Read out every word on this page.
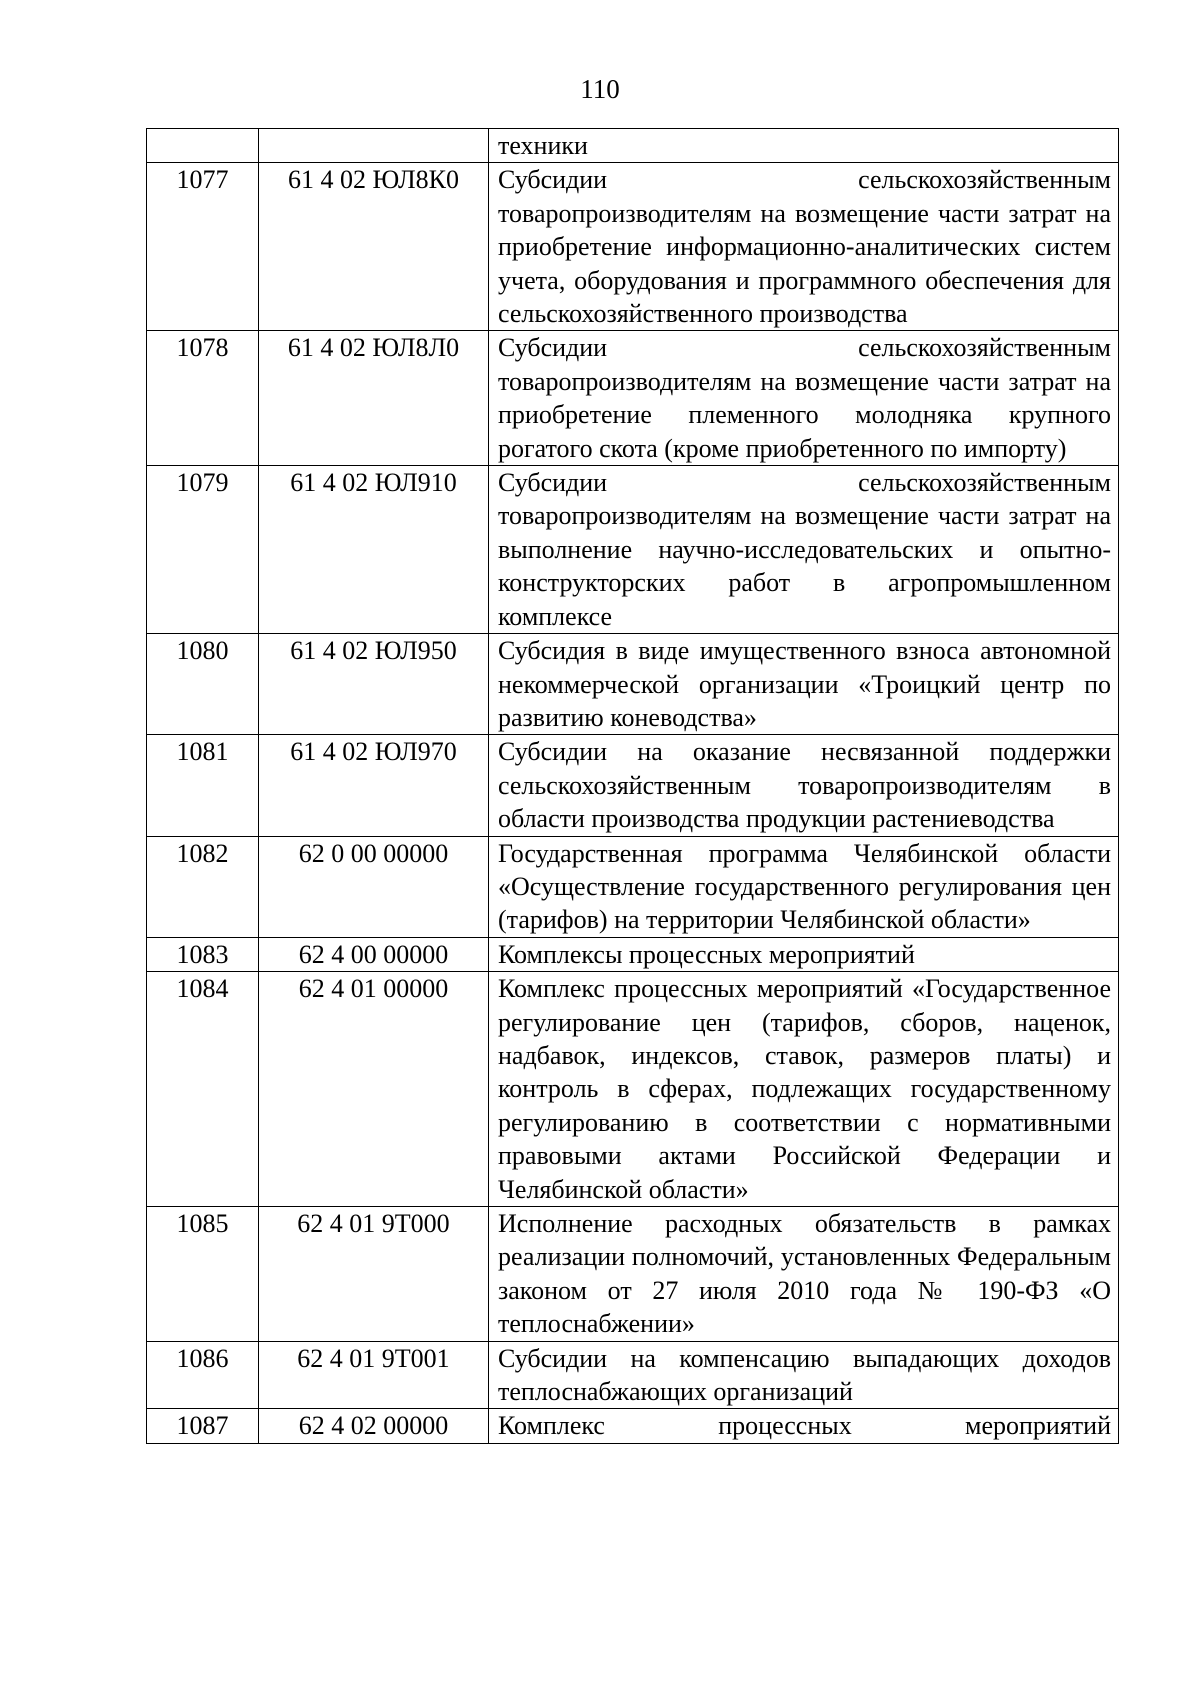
110
		техники
1077	61 4 02 ЮЛ8К0	Субсидии сельскохозяйственным товаропроизводителям на возмещение части затрат на приобретение информационно-аналитических систем учета, оборудования и программного обеспечения для сельскохозяйственного производства
1078	61 4 02 ЮЛ8Л0	Субсидии сельскохозяйственным товаропроизводителям на возмещение части затрат на приобретение племенного молодняка крупного рогатого скота (кроме приобретенного по импорту)
1079	61 4 02 ЮЛ910	Субсидии сельскохозяйственным товаропроизводителям на возмещение части затрат на выполнение научно-исследовательских и опытно-конструкторских работ в агропромышленном комплексе
1080	61 4 02 ЮЛ950	Субсидия в виде имущественного взноса автономной некоммерческой организации «Троицкий центр по развитию коневодства»
1081	61 4 02 ЮЛ970	Субсидии на оказание несвязанной поддержки сельскохозяйственным товаропроизводителям в области производства продукции растениеводства
1082	62 0 00 00000	Государственная программа Челябинской области «Осуществление государственного регулирования цен (тарифов) на территории Челябинской области»
1083	62 4 00 00000	Комплексы процессных мероприятий
1084	62 4 01 00000	Комплекс процессных мероприятий «Государственное регулирование цен (тарифов, сборов, наценок, надбавок, индексов, ставок, размеров платы) и контроль в сферах, подлежащих государственному регулированию в соответствии с нормативными правовыми актами Российской Федерации и Челябинской области»
1085	62 4 01 9Т000	Исполнение расходных обязательств в рамках реализации полномочий, установленных Федеральным законом от 27 июля 2010 года № 190-ФЗ «О теплоснабжении»
1086	62 4 01 9Т001	Субсидии на компенсацию выпадающих доходов теплоснабжающих организаций
1087	62 4 02 00000	Комплекс процессных мероприятий
